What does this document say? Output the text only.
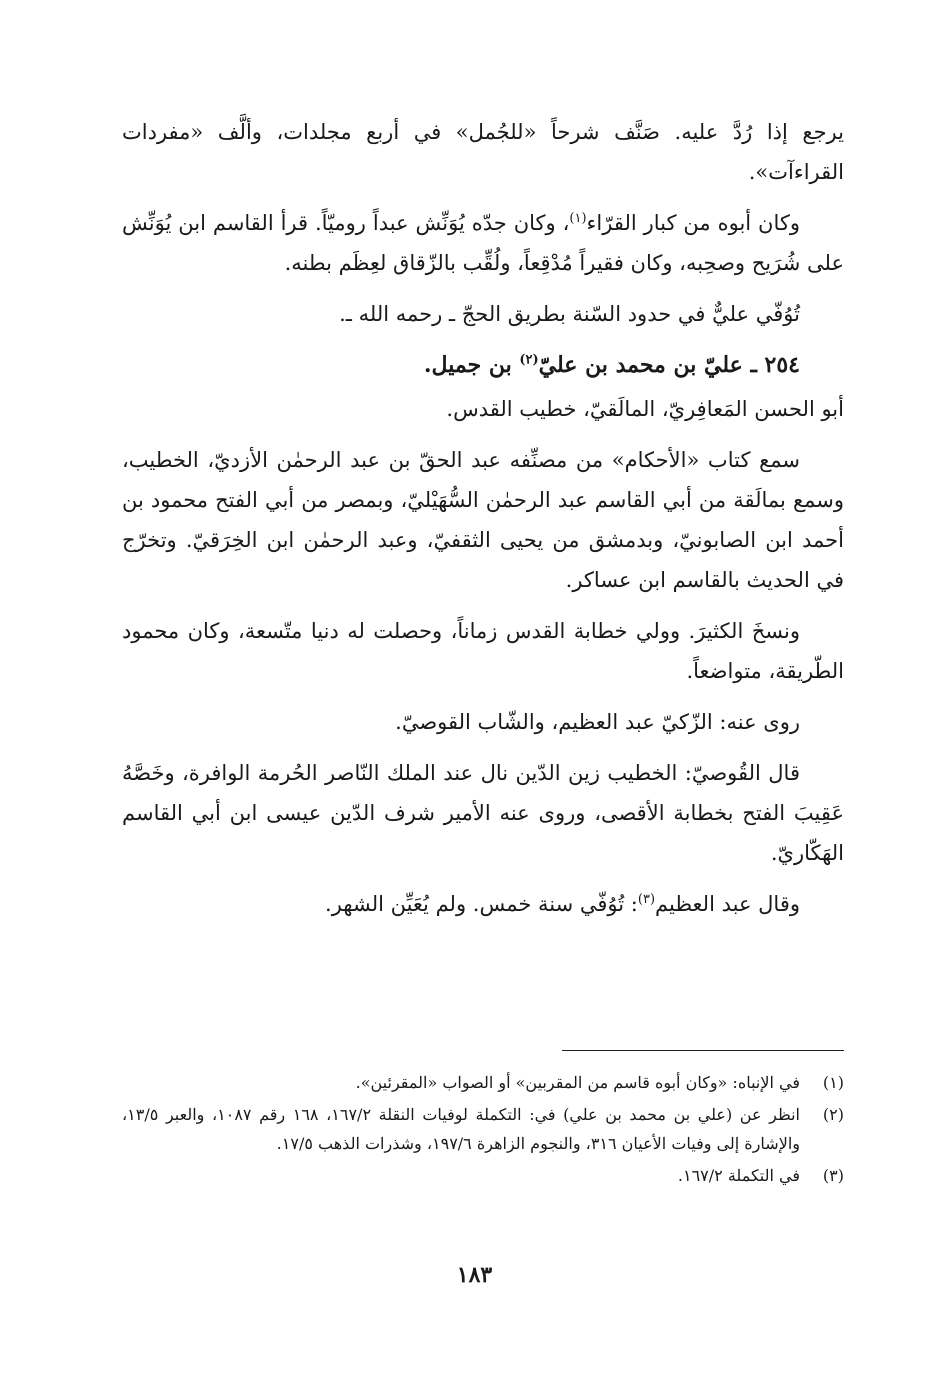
يرجع إذا رُدَّ عليه. صَنَّف شرحاً «للجُمل» في أربع مجلدات، وألَّف «مفردات القراءآت».

وكان أبوه من كبار القرّاء$^{(١)}$، وكان جدّه يُوَنِّش عبداً روميّاً. قرأ القاسم ابن يُوَنِّش على شُرَيح وصحِبه، وكان فقيراً مُدْقِعاً، ولُقِّب بالزّقاق لعِظَم بطنه.

تُوُفّي عليٌّ في حدود السّنة بطريق الحجّ ـ رحمه الله ـ.

٢٥٤ ـ عليّ بن محمد بن عليّ$^{(٢)}$ بن جميل.

أبو الحسن المَعافِريّ، المالَقيّ، خطيب القدس.

سمع كتاب «الأحكام» من مصنِّفه عبد الحقّ بن عبد الرحمٰن الأزديّ، الخطيب، وسمع بمالَقة من أبي القاسم عبد الرحمٰن السُّهَيْليّ، وبمصر من أبي الفتح محمود بن أحمد ابن الصابونيّ، وبدمشق من يحيى الثقفيّ، وعبد الرحمٰن ابن الخِرَقيّ. وتخرّج في الحديث بالقاسم ابن عساكر.

ونسخَ الكثيرَ. وولي خطابة القدس زماناً، وحصلت له دنيا متّسعة، وكان محمود الطّريقة، متواضعاً.

روى عنه: الزّكيّ عبد العظيم، والشّاب القوصيّ.

قال القُوصيّ: الخطيب زين الدّين نال عند الملك النّاصر الحُرمة الوافرة، وخَصَّهُ عَقِيبَ الفتح بخطابة الأقصى، وروى عنه الأمير شرف الدّين عيسى ابن أبي القاسم الهَكّاريّ.

وقال عبد العظيم$^{(٣)}$: تُوُفّي سنة خمس. ولم يُعَيِّن الشهر.

(١)
في الإنباه: «وكان أبوه قاسم من المقربين» أو الصواب «المقرئين».
(٢)
انظر عن (علي بن محمد بن علي) في: التكملة لوفيات النقلة ١٦٧/٢، ١٦٨ رقم ١٠٨٧، والعبر ١٣/٥، والإشارة إلى وفيات الأعيان ٣١٦، والنجوم الزاهرة ١٩٧/٦، وشذرات الذهب ١٧/٥.
(٣)
في التكملة ١٦٧/٢.
١٨٣
